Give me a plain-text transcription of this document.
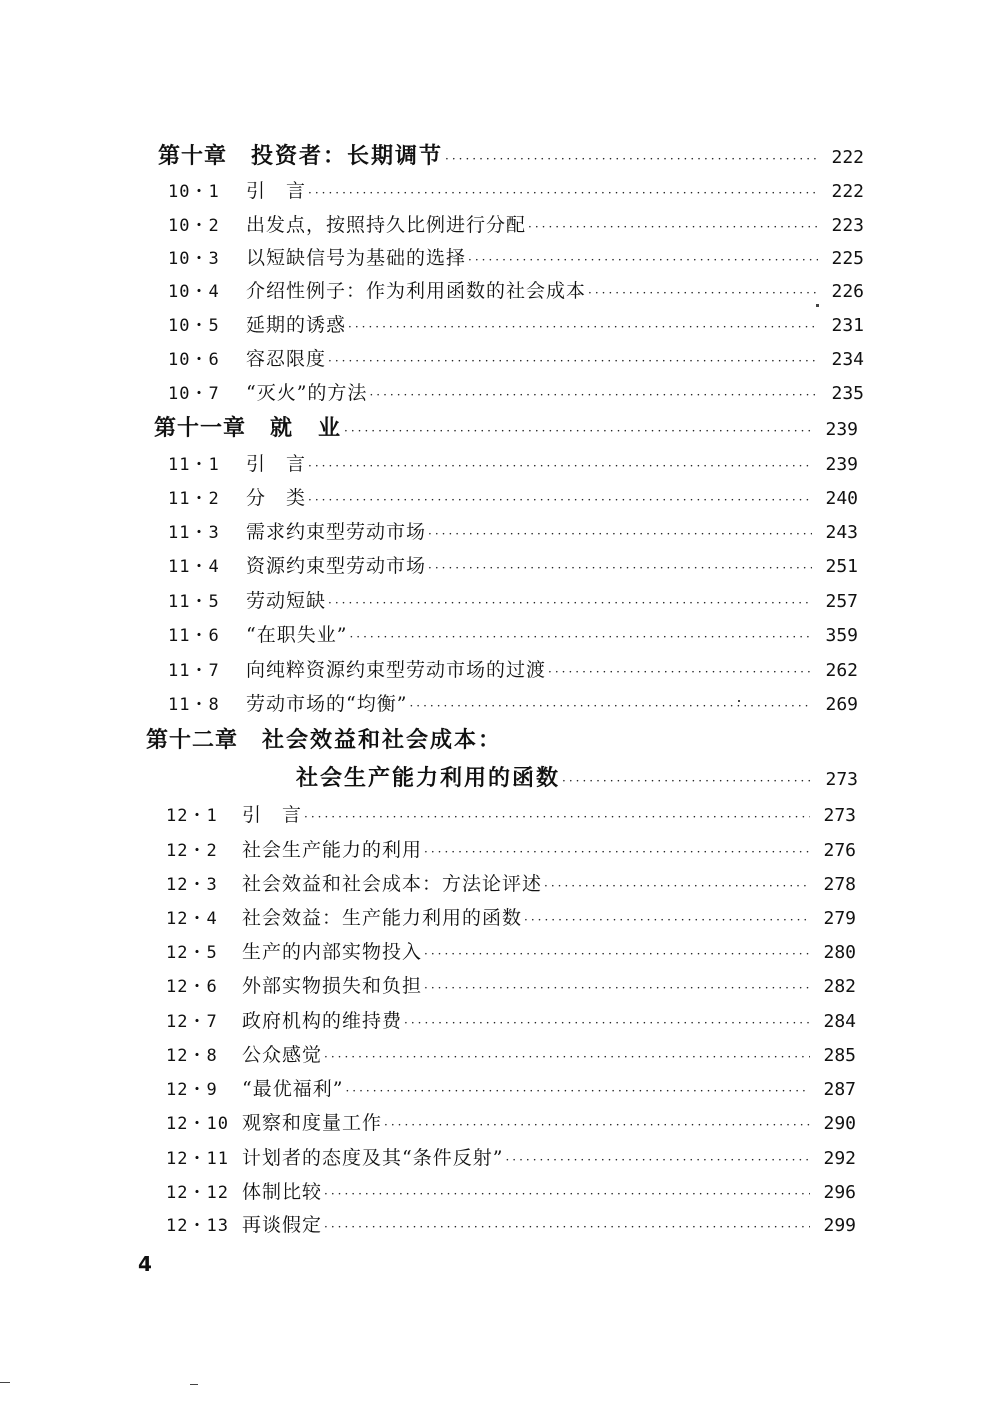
第十章 投资者：长期调节 ·····	222
10・1	引　言 ·····	222
10・2	出发点，按照持久比例进行分配 ·····	223
10・3	以短缺信号为基础的选择 ·····	225
10・4	介绍性例子：作为利用函数的社会成本 ·····	226
10・5	延期的诱惑 ·····	231
10・6	容忍限度 ·····	234
10・7	“灭火”的方法 ·····	235
第十一章 就　业 ·····	239
11・1	引　言 ·····	239
11・2	分　类 ·····	240
11・3	需求约束型劳动市场 ·····	243
11・4	资源约束型劳动市场 ·····	251
11・5	劳动短缺 ·····	257
11・6	“在职失业” ·····	359
11・7	向纯粹资源约束型劳动市场的过渡 ·····	262
11・8	劳动市场的“均衡” ·····	269
第十二章 社会效益和社会成本：
社会生产能力利用的函数 ·····	273
12・1	引　言 ·····	273
12・2	社会生产能力的利用 ·····	276
12・3	社会效益和社会成本：方法论评述 ·····	278
12・4	社会效益：生产能力利用的函数 ·····	279
12・5	生产的内部实物投入 ·····	280
12・6	外部实物损失和负担 ·····	282
12・7	政府机构的维持费 ·····	284
12・8	公众感觉 ·····	285
12・9	“最优福利” ·····	287
12・10 观察和度量工作 ·····	290
12・11 计划者的态度及其“条件反射” ·····	292
12・12 体制比较 ·····	296
12・13 再谈假定 ·····	299
4
